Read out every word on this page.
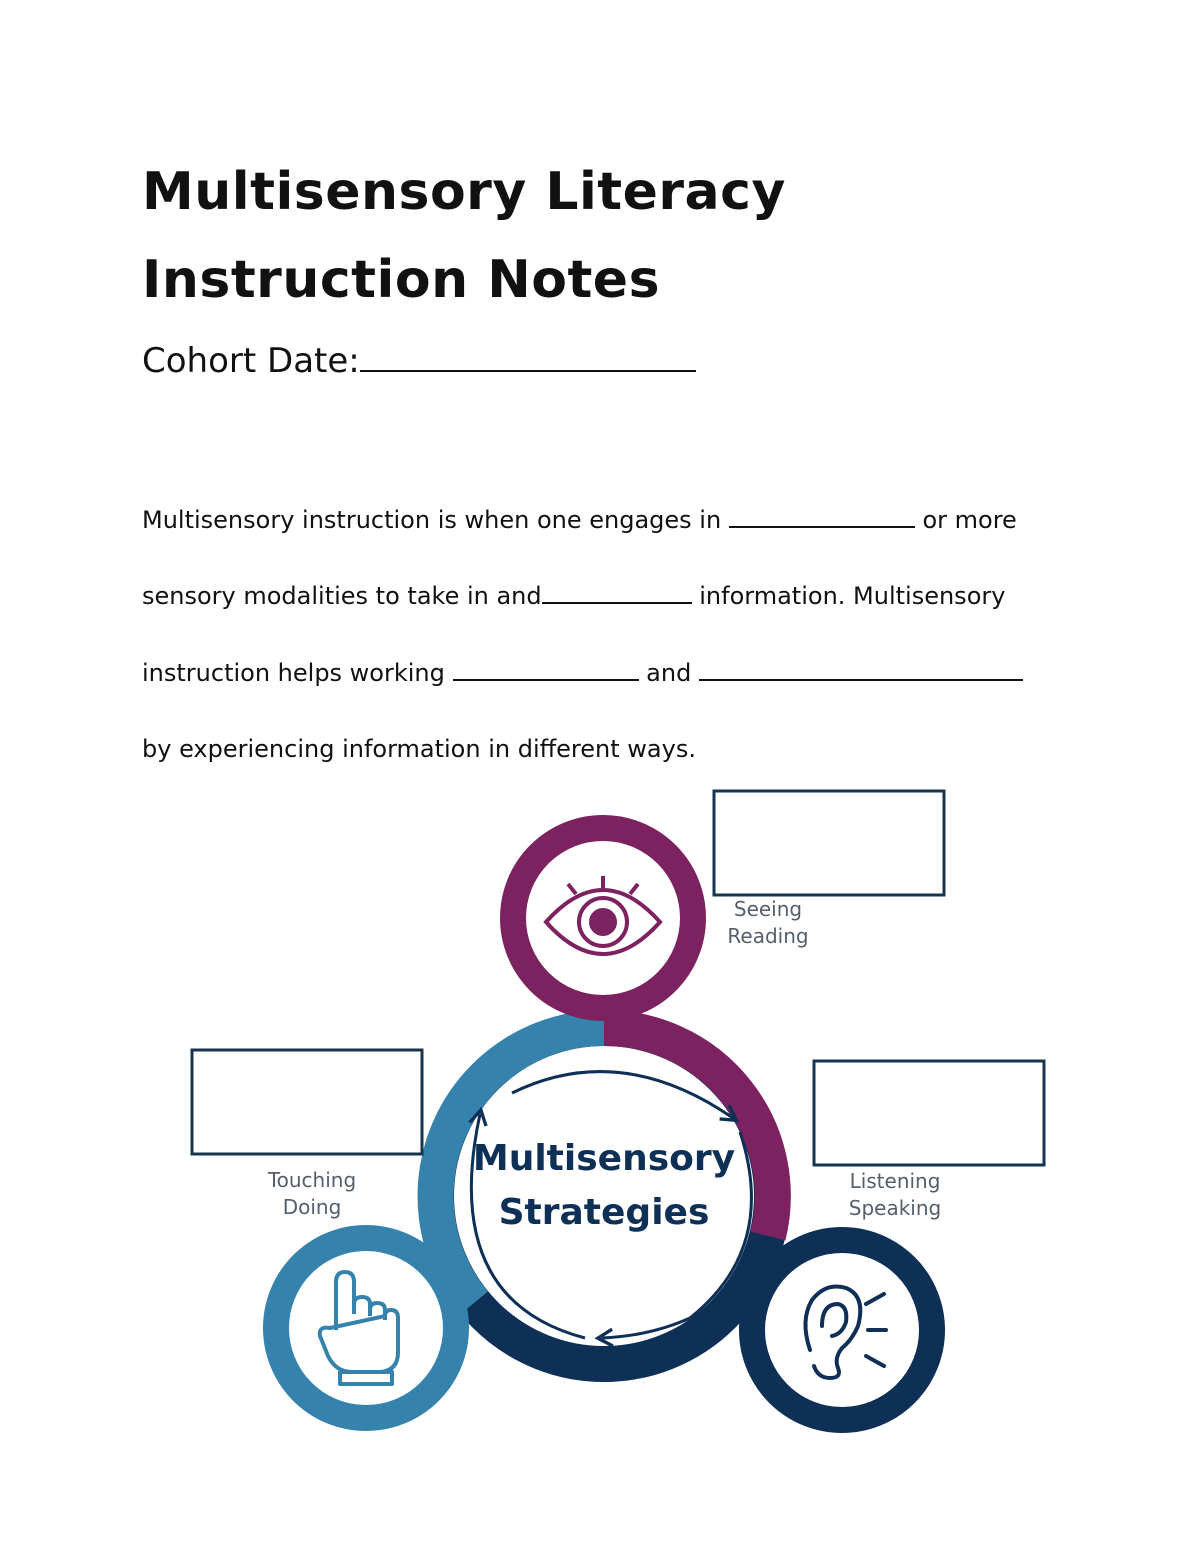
Multisensory Literacy Instruction Notes
Cohort Date:
Multisensory instruction is when one engages in	or more
sensory modalities to take in and	information. Multisensory
instruction helps working	and
by experiencing information in different ways.
Multisensory
Strategies
Seeing
Reading
Touching
Doing
Listening
Speaking
